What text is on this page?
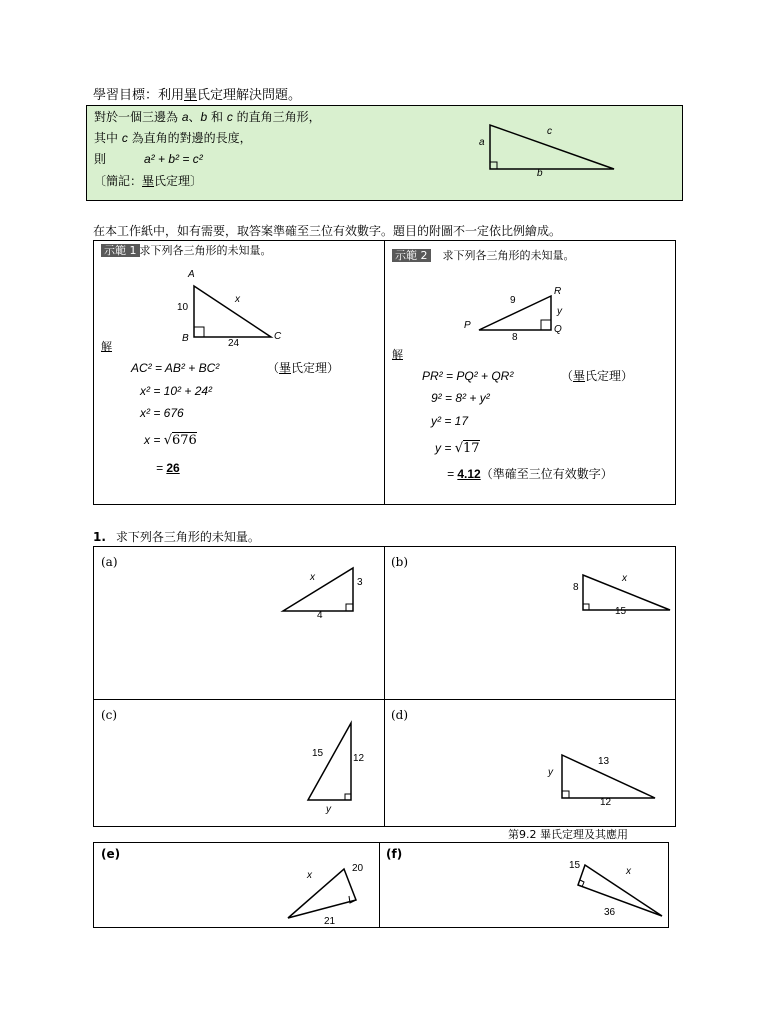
學習目標：利用畢氏定理解決問題。
對於一個三邊為 a、b 和 c 的直角三角形，
其中 c 為直角的對邊的長度，
則	a² + b² = c²
〔簡記：畢氏定理〕
a
c
b
在本工作紙中，如有需要，取答案準確至三位有效數字。題目的附圖不一定依比例繪成。
示範 1 求下列各三角形的未知量。
A
B	C
10
24
x
解
AC² = AB² + BC²	（畢氏定理）
x² = 10² + 24²
x² = 676
x = √676
= 26
示範 2 求下列各三角形的未知量。
R
P	Q
9
8
y
解
PR² = PQ² + QR²	（畢氏定理）
9² = 8² + y²
y² = 17
y = √17
= 4.12（準確至三位有效數字）
1. 求下列各三角形的未知量。
(a)
x	3
4
(b)
8
x
15
(c)
15	12
y
(d)
y
13
12
第9.2 畢氏定理及其應用
(e)
x
20
21
(f)
15
x
36
